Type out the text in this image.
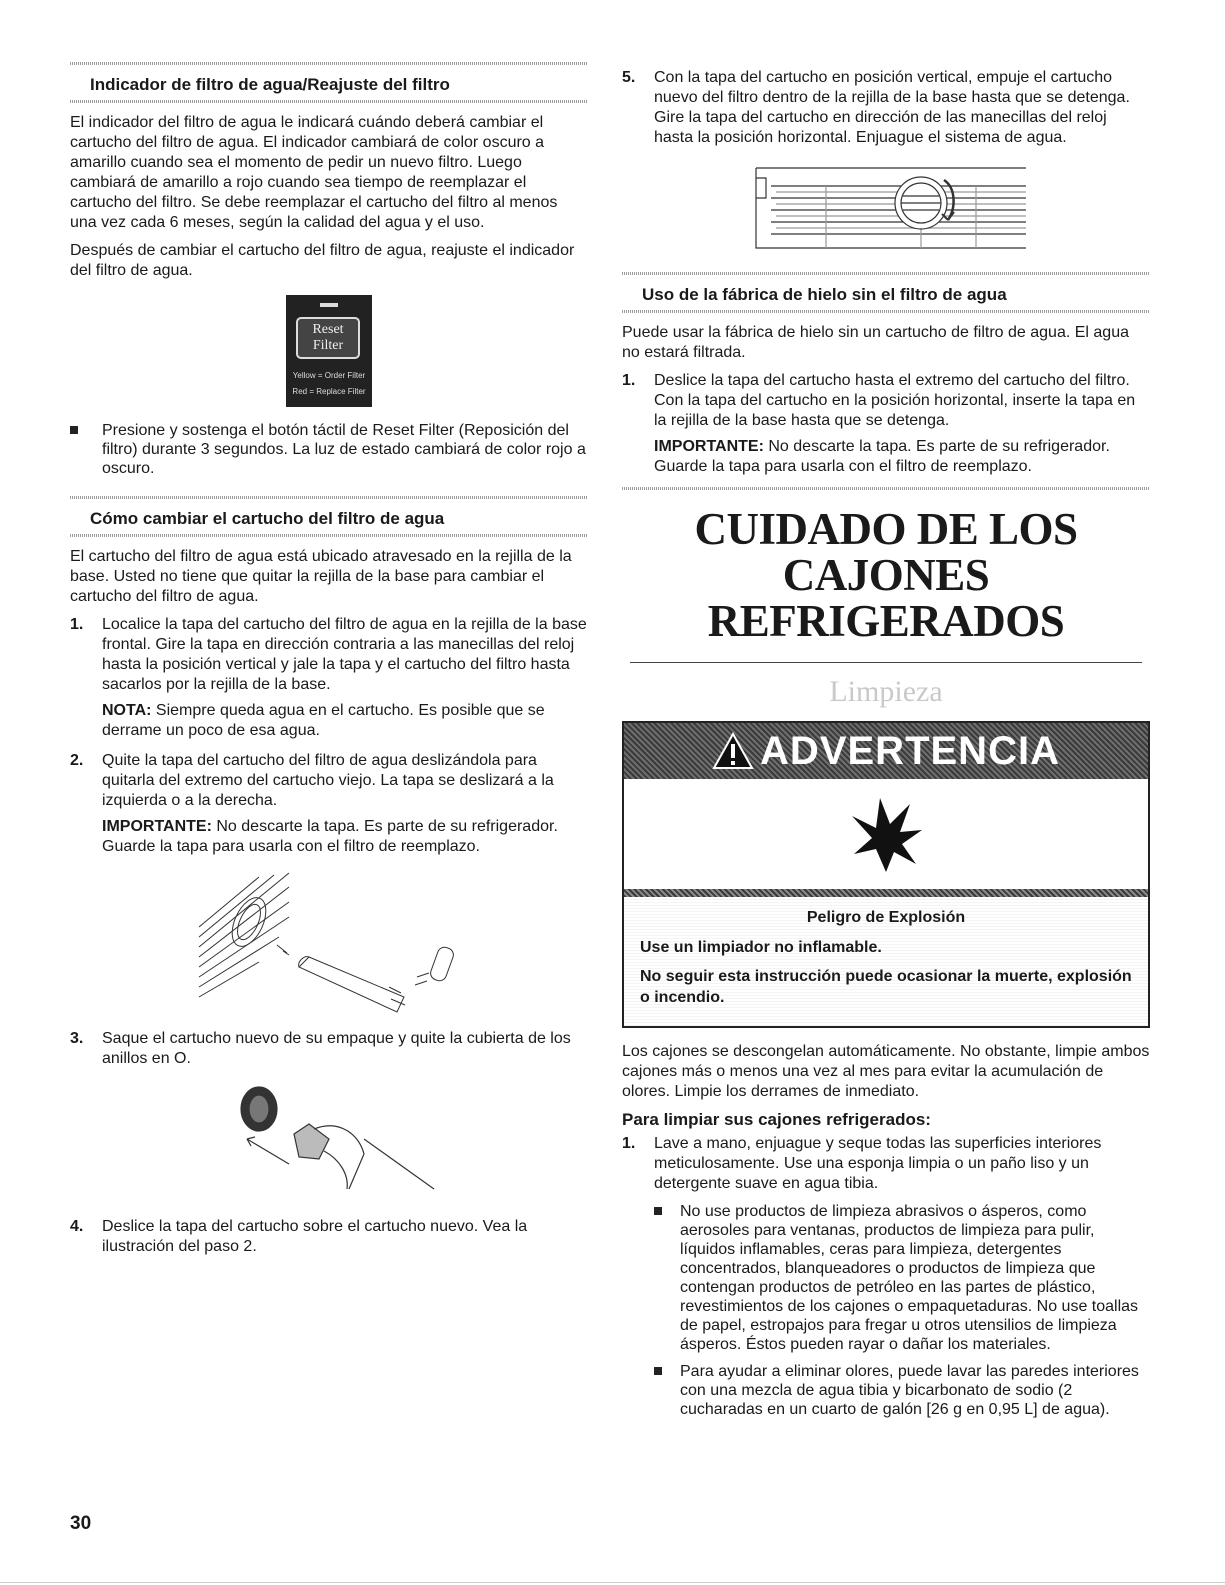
Indicador de filtro de agua/Reajuste del filtro

El indicador del filtro de agua le indicará cuándo deberá cambiar el cartucho del filtro de agua. El indicador cambiará de color oscuro a amarillo cuando sea el momento de pedir un nuevo filtro. Luego cambiará de amarillo a rojo cuando sea tiempo de reemplazar el cartucho del filtro. Se debe reemplazar el cartucho del filtro al menos una vez cada 6 meses, según la calidad del agua y el uso.

Después de cambiar el cartucho del filtro de agua, reajuste el indicador del filtro de agua.

Reset
Filter
Yellow = Order Filter
Red = Replace Filter
Presione y sostenga el botón táctil de Reset Filter (Reposición del filtro) durante 3 segundos. La luz de estado cambiará de color rojo a oscuro.
Cómo cambiar el cartucho del filtro de agua

El cartucho del filtro de agua está ubicado atravesado en la rejilla de la base. Usted no tiene que quitar la rejilla de la base para cambiar el cartucho del filtro de agua.

1. Localice la tapa del cartucho del filtro de agua en la rejilla de la base frontal. Gire la tapa en dirección contraria a las manecillas del reloj hasta la posición vertical y jale la tapa y el cartucho del filtro hasta sacarlos por la rejilla de la base.

NOTA: Siempre queda agua en el cartucho. Es posible que se derrame un poco de esa agua.

2. Quite la tapa del cartucho del filtro de agua deslizándola para quitarla del extremo del cartucho viejo. La tapa se deslizará a la izquierda o a la derecha.

IMPORTANTE: No descarte la tapa. Es parte de su refrigerador. Guarde la tapa para usarla con el filtro de reemplazo.

3. Saque el cartucho nuevo de su empaque y quite la cubierta de los anillos en O.
4. Deslice la tapa del cartucho sobre el cartucho nuevo. Vea la ilustración del paso 2.
5. Con la tapa del cartucho en posición vertical, empuje el cartucho nuevo del filtro dentro de la rejilla de la base hasta que se detenga. Gire la tapa del cartucho en dirección de las manecillas del reloj hasta la posición horizontal. Enjuague el sistema de agua.
Uso de la fábrica de hielo sin el filtro de agua

Puede usar la fábrica de hielo sin un cartucho de filtro de agua. El agua no estará filtrada.

1. Deslice la tapa del cartucho hasta el extremo del cartucho del filtro. Con la tapa del cartucho en la posición horizontal, inserte la tapa en la rejilla de la base hasta que se detenga.

IMPORTANTE: No descarte la tapa. Es parte de su refrigerador. Guarde la tapa para usarla con el filtro de reemplazo.

CUIDADO DE LOS CAJONES
REFRIGERADOS
Limpieza
ADVERTENCIA
Peligro de Explosión
Use un limpiador no inflamable.
No seguir esta instrucción puede ocasionar la muerte, explosión o incendio.

Los cajones se descongelan automáticamente. No obstante, limpie ambos cajones más o menos una vez al mes para evitar la acumulación de olores. Limpie los derrames de inmediato.

Para limpiar sus cajones refrigerados:

1. Lave a mano, enjuague y seque todas las superficies interiores meticulosamente. Use una esponja limpia o un paño liso y un detergente suave en agua tibia.
No use productos de limpieza abrasivos o ásperos, como aerosoles para ventanas, productos de limpieza para pulir, líquidos inflamables, ceras para limpieza, detergentes concentrados, blanqueadores o productos de limpieza que contengan productos de petróleo en las partes de plástico, revestimientos de los cajones o empaquetaduras. No use toallas de papel, estropajos para fregar u otros utensilios de limpieza ásperos. Éstos pueden rayar o dañar los materiales.
Para ayudar a eliminar olores, puede lavar las paredes interiores con una mezcla de agua tibia y bicarbonato de sodio (2 cucharadas en un cuarto de galón [26 g en 0,95 L] de agua).
30
